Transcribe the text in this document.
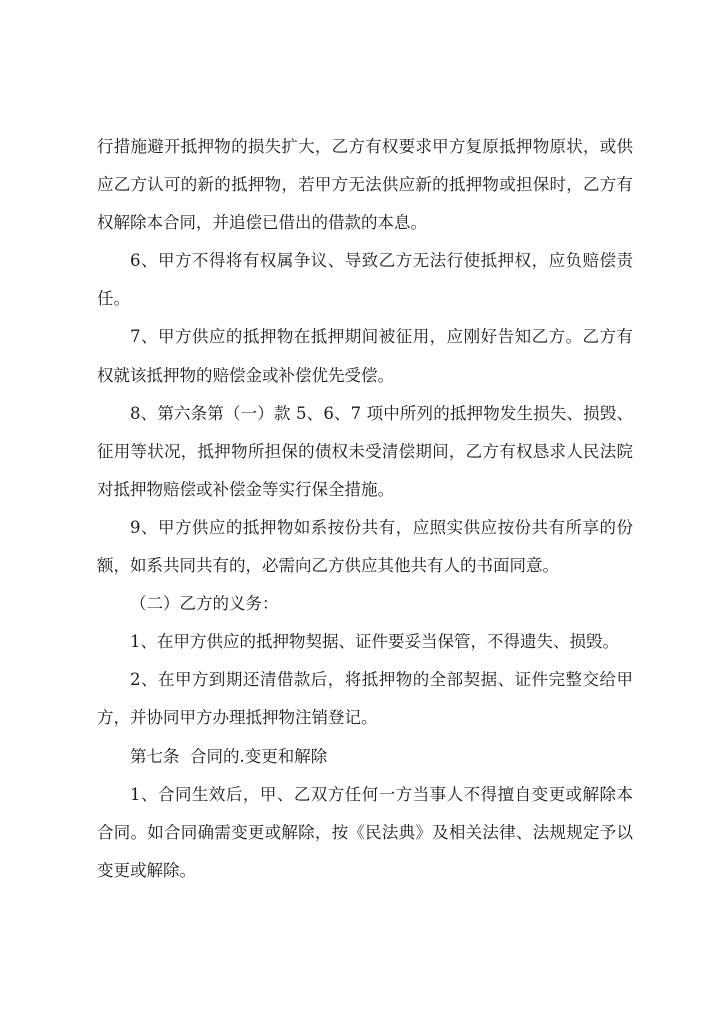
行措施避开抵押物的损失扩大，乙方有权要求甲方复原抵押物原状，或供
应乙方认可的新的抵押物，若甲方无法供应新的抵押物或担保时，乙方有
权解除本合同，并追偿已借出的借款的本息。
6、甲方不得将有权属争议、导致乙方无法行使抵押权，应负赔偿责
任。
7、甲方供应的抵押物在抵押期间被征用，应刚好告知乙方。乙方有
权就该抵押物的赔偿金或补偿优先受偿。
8、第六条第（一）款 5、6、7 项中所列的抵押物发生损失、损毁、
征用等状况，抵押物所担保的债权未受清偿期间，乙方有权恳求人民法院
对抵押物赔偿或补偿金等实行保全措施。
9、甲方供应的抵押物如系按份共有，应照实供应按份共有所享的份
额，如系共同共有的，必需向乙方供应其他共有人的书面同意。
（二）乙方的义务：
1、在甲方供应的抵押物契据、证件要妥当保管，不得遗失、损毁。
2、在甲方到期还清借款后，将抵押物的全部契据、证件完整交给甲
方，并协同甲方办理抵押物注销登记。
第七条  合同的.变更和解除
1、合同生效后，甲、乙双方任何一方当事人不得擅自变更或解除本
合同。如合同确需变更或解除，按《民法典》及相关法律、法规规定予以
变更或解除。
